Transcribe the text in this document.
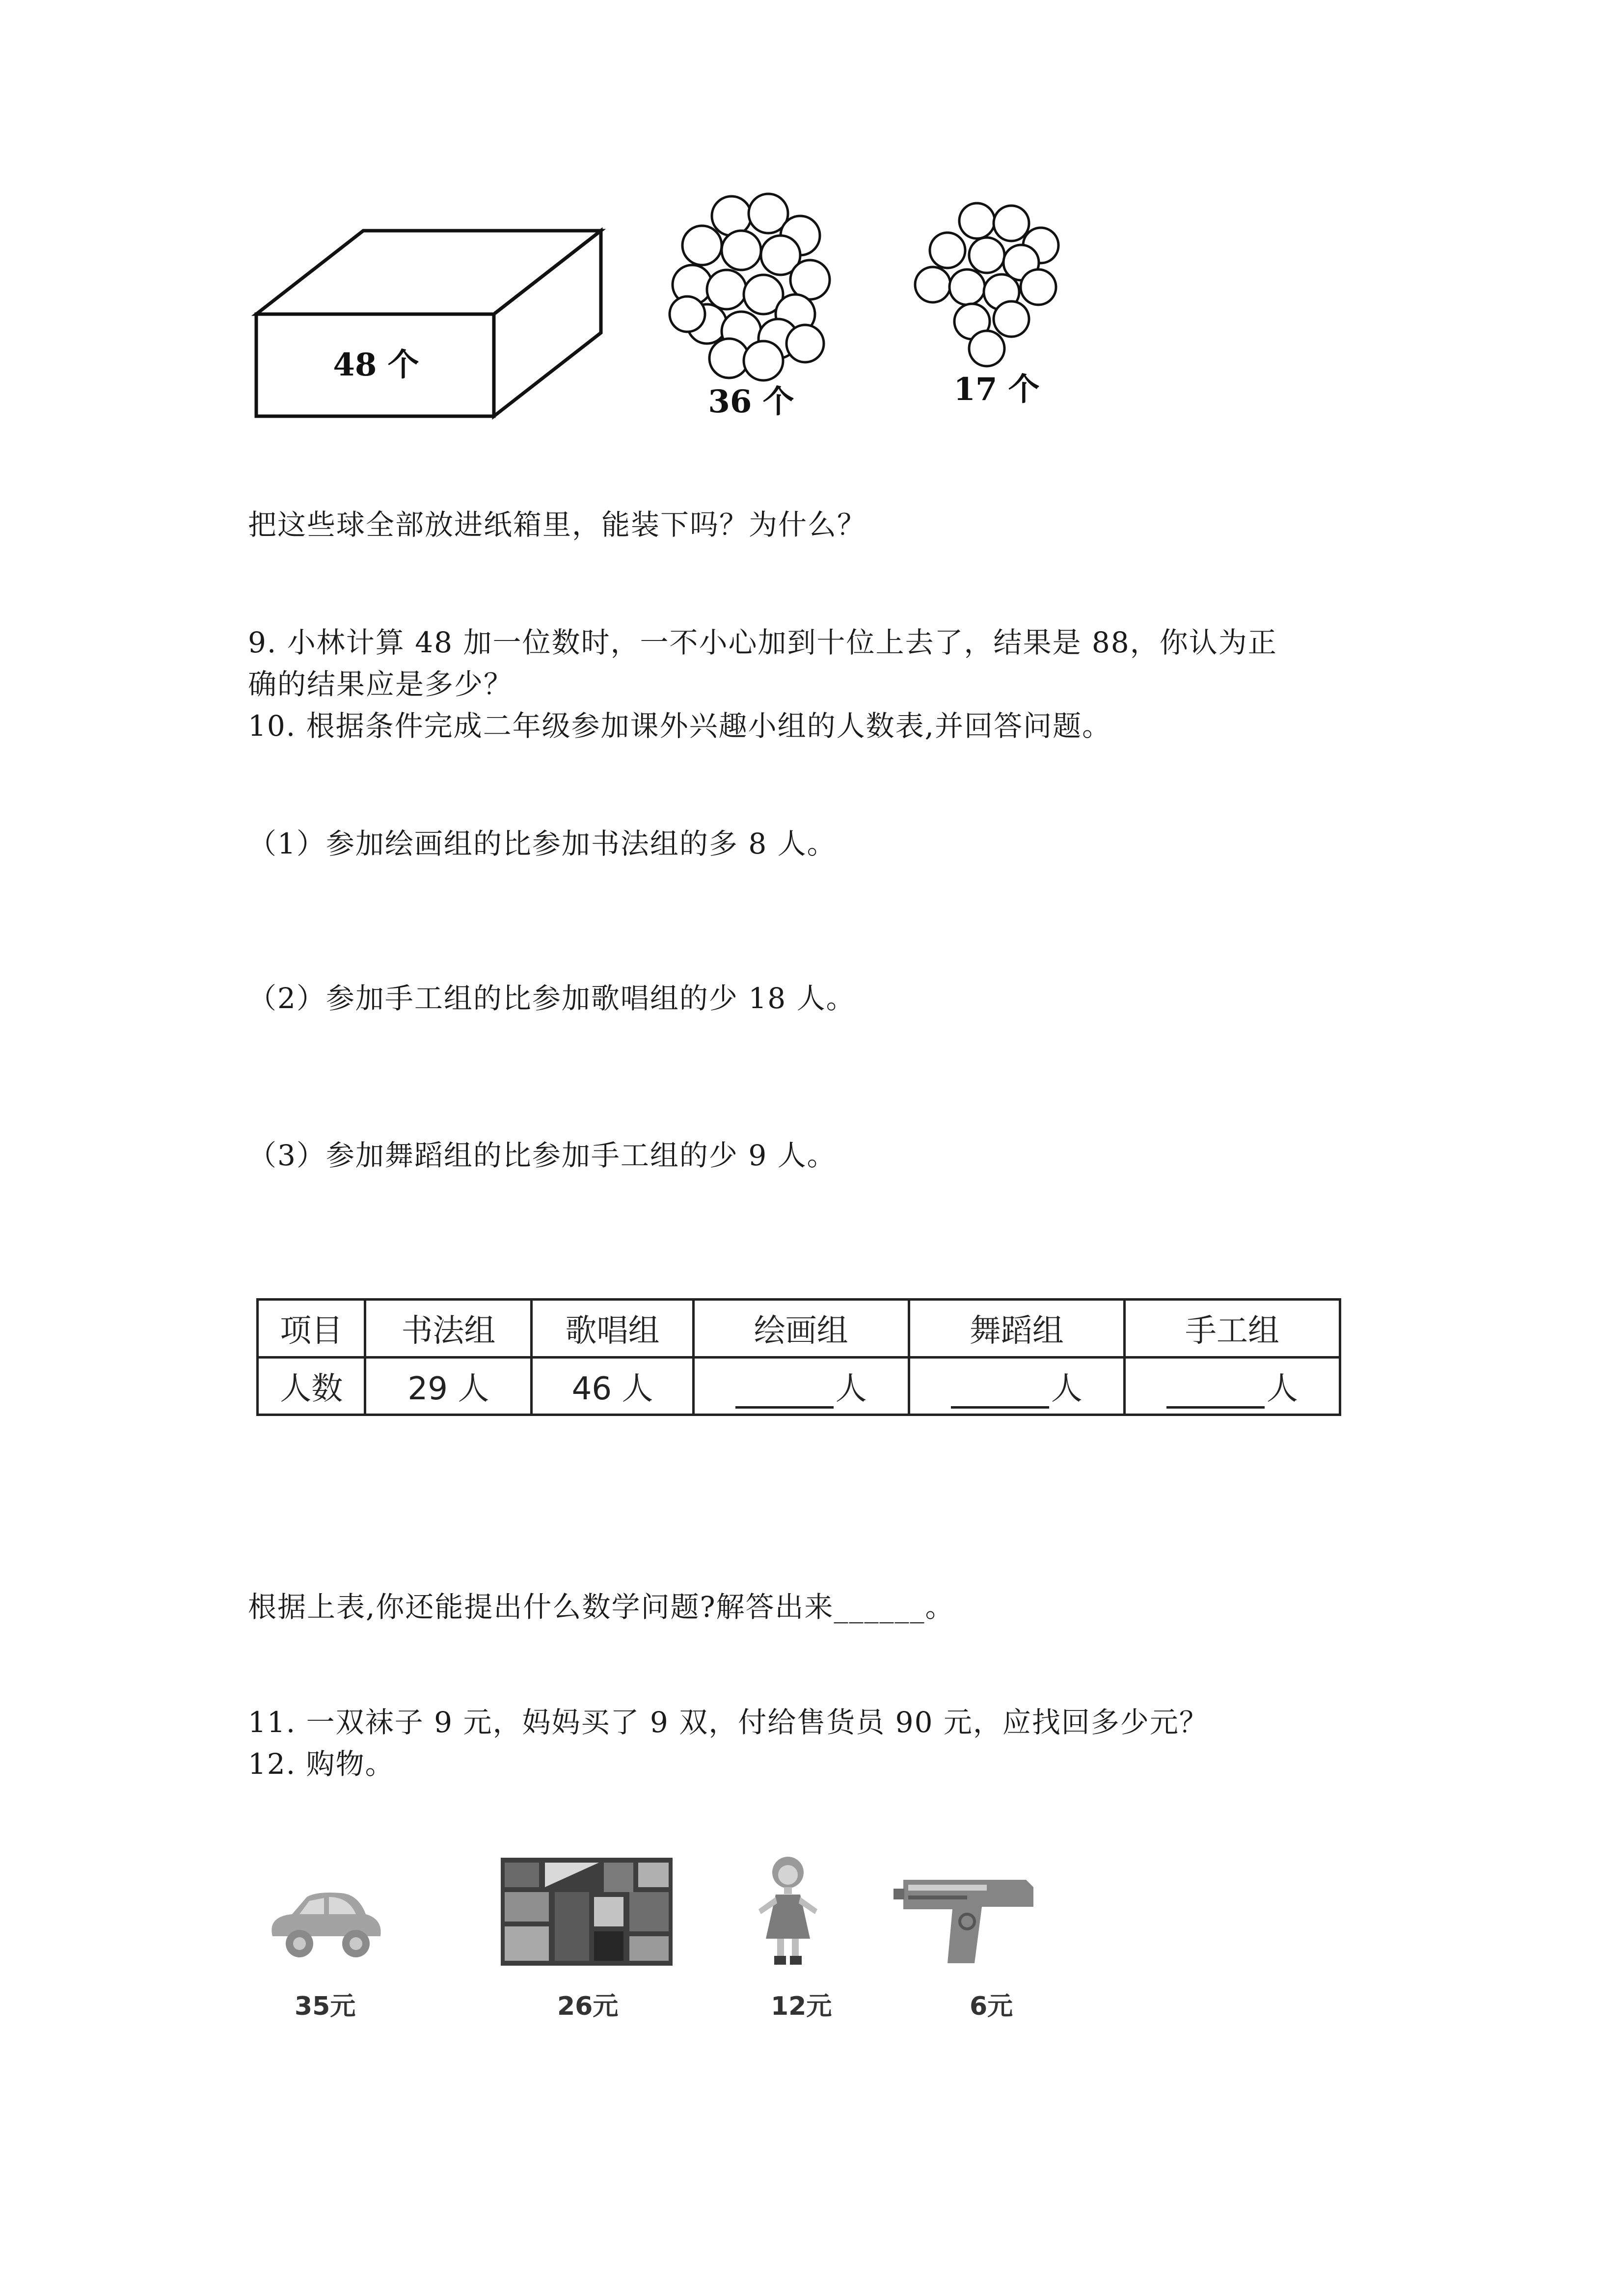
48 个
36 个	17 个
把这些球全部放进纸箱里，能装下吗？为什么？
9. 小林计算 48 加一位数时，一不小心加到十位上去了，结果是 88，你认为正
确的结果应是多少？
10. 根据条件完成二年级参加课外兴趣小组的人数表,并回答问题。
（1）参加绘画组的比参加书法组的多 8 人。
（2）参加手工组的比参加歌唱组的少 18 人。
（3）参加舞蹈组的比参加手工组的少 9 人。
项目	书法组	歌唱组	绘画组	舞蹈组	手工组
人数	29 人	46 人	人	人	人
根据上表,你还能提出什么数学问题?解答出来______。
11. 一双袜子 9 元，妈妈买了 9 双，付给售货员 90 元，应找回多少元？
12. 购物。
35元	26元	12元	6元
